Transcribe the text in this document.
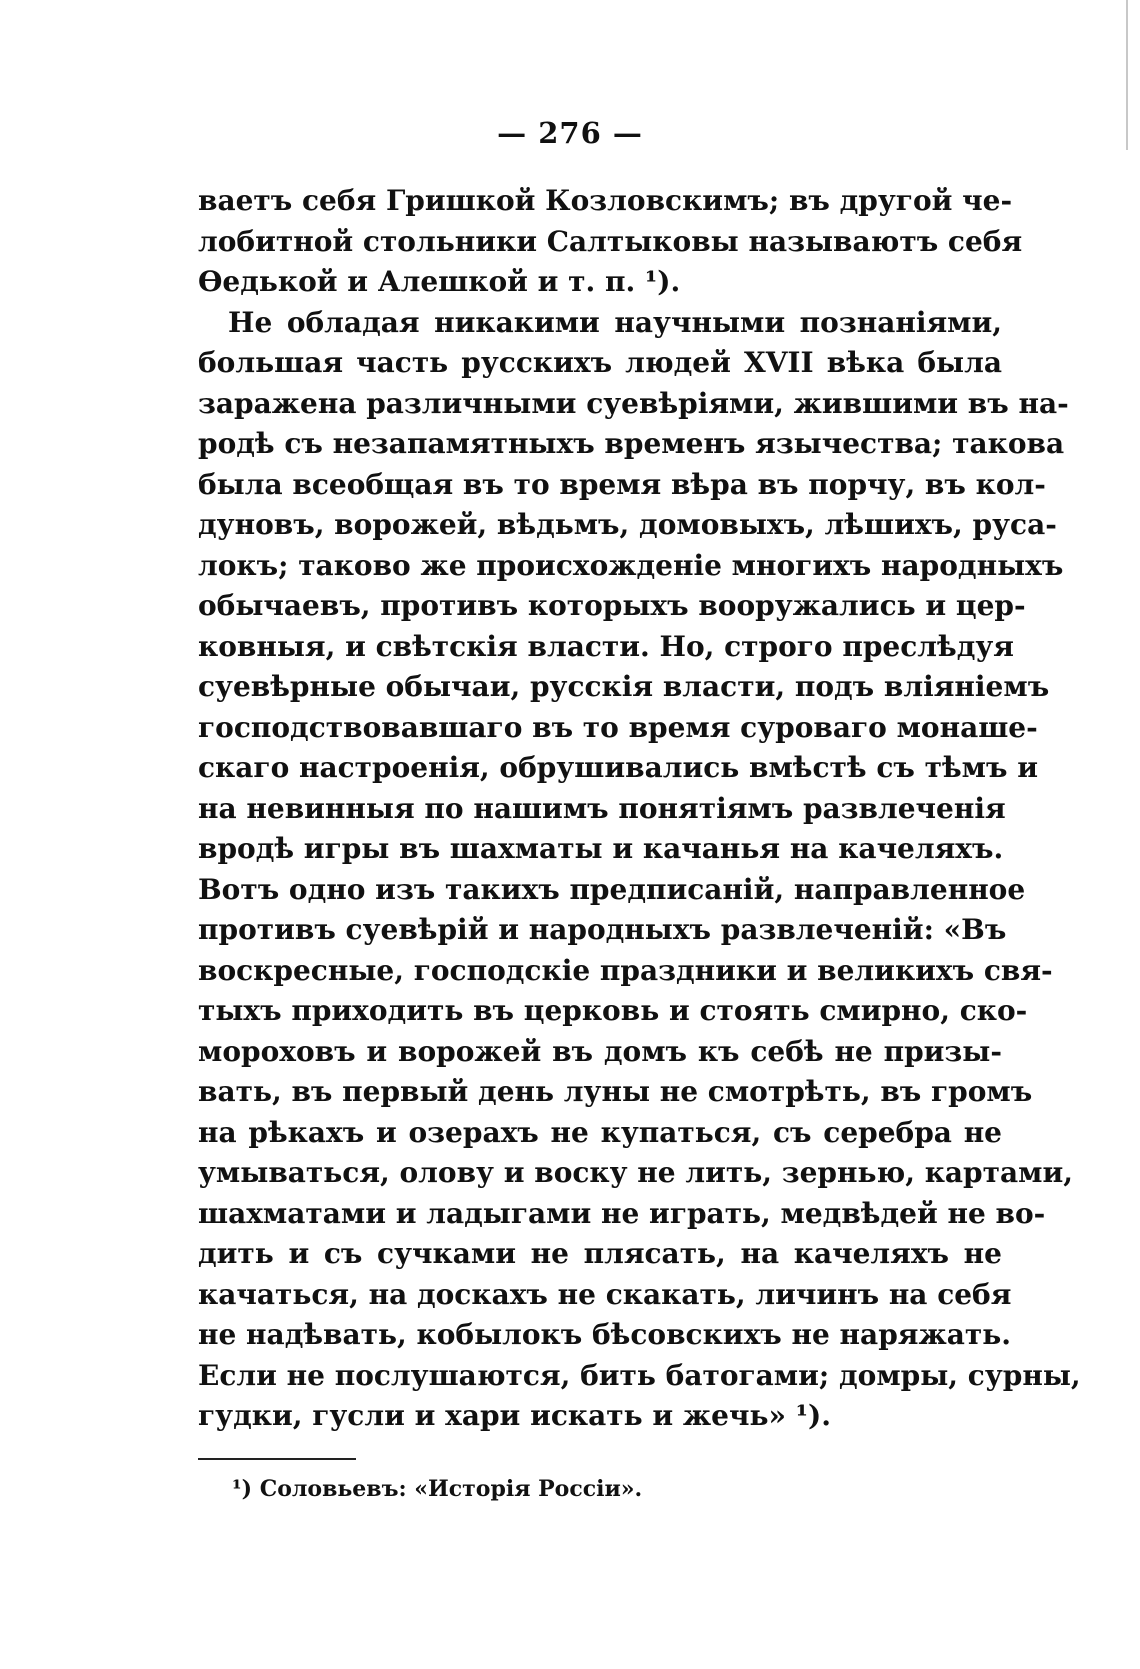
— 276 —
ваетъ себя Гришкой Козловскимъ; въ другой че-
лобитной стольники Салтыковы называютъ себя
Ѳедькой и Алешкой и т. п. ¹).
Не обладая никакими научными познаніями,
большая часть русскихъ людей XVII вѣка была
заражена различными суевѣріями, жившими въ на-
родѣ съ незапамятныхъ временъ язычества; такова
была всеобщая въ то время вѣра въ порчу, въ кол-
дуновъ, ворожей, вѣдьмъ, домовыхъ, лѣшихъ, руса-
локъ; таково же происхожденіе многихъ народныхъ
обычаевъ, противъ которыхъ вооружались и цер-
ковныя, и свѣтскія власти. Но, строго преслѣдуя
суевѣрные обычаи, русскія власти, подъ вліяніемъ
господствовавшаго въ то время суроваго монаше-
скаго настроенія, обрушивались вмѣстѣ съ тѣмъ и
на невинныя по нашимъ понятіямъ развлеченія
вродѣ игры въ шахматы и качанья на качеляхъ.
Вотъ одно изъ такихъ предписаній, направленное
противъ суевѣрій и народныхъ развлеченій: «Въ
воскресные, господскіе праздники и великихъ свя-
тыхъ приходить въ церковь и стоять смирно, ско-
мороховъ и ворожей въ домъ къ себѣ не призы-
вать, въ первый день луны не смотрѣть, въ громъ
на рѣкахъ и озерахъ не купаться, съ серебра не
умываться, олову и воску не лить, зернью, картами,
шахматами и ладыгами не играть, медвѣдей не во-
дить и съ сучками не плясать, на качеляхъ не
качаться, на доскахъ не скакать, личинъ на себя
не надѣвать, кобылокъ бѣсовскихъ не наряжать.
Если не послушаются, бить батогами; домры, сурны,
гудки, гусли и хари искать и жечь» ¹).
¹) Соловьевъ: «Исторія Россіи».
